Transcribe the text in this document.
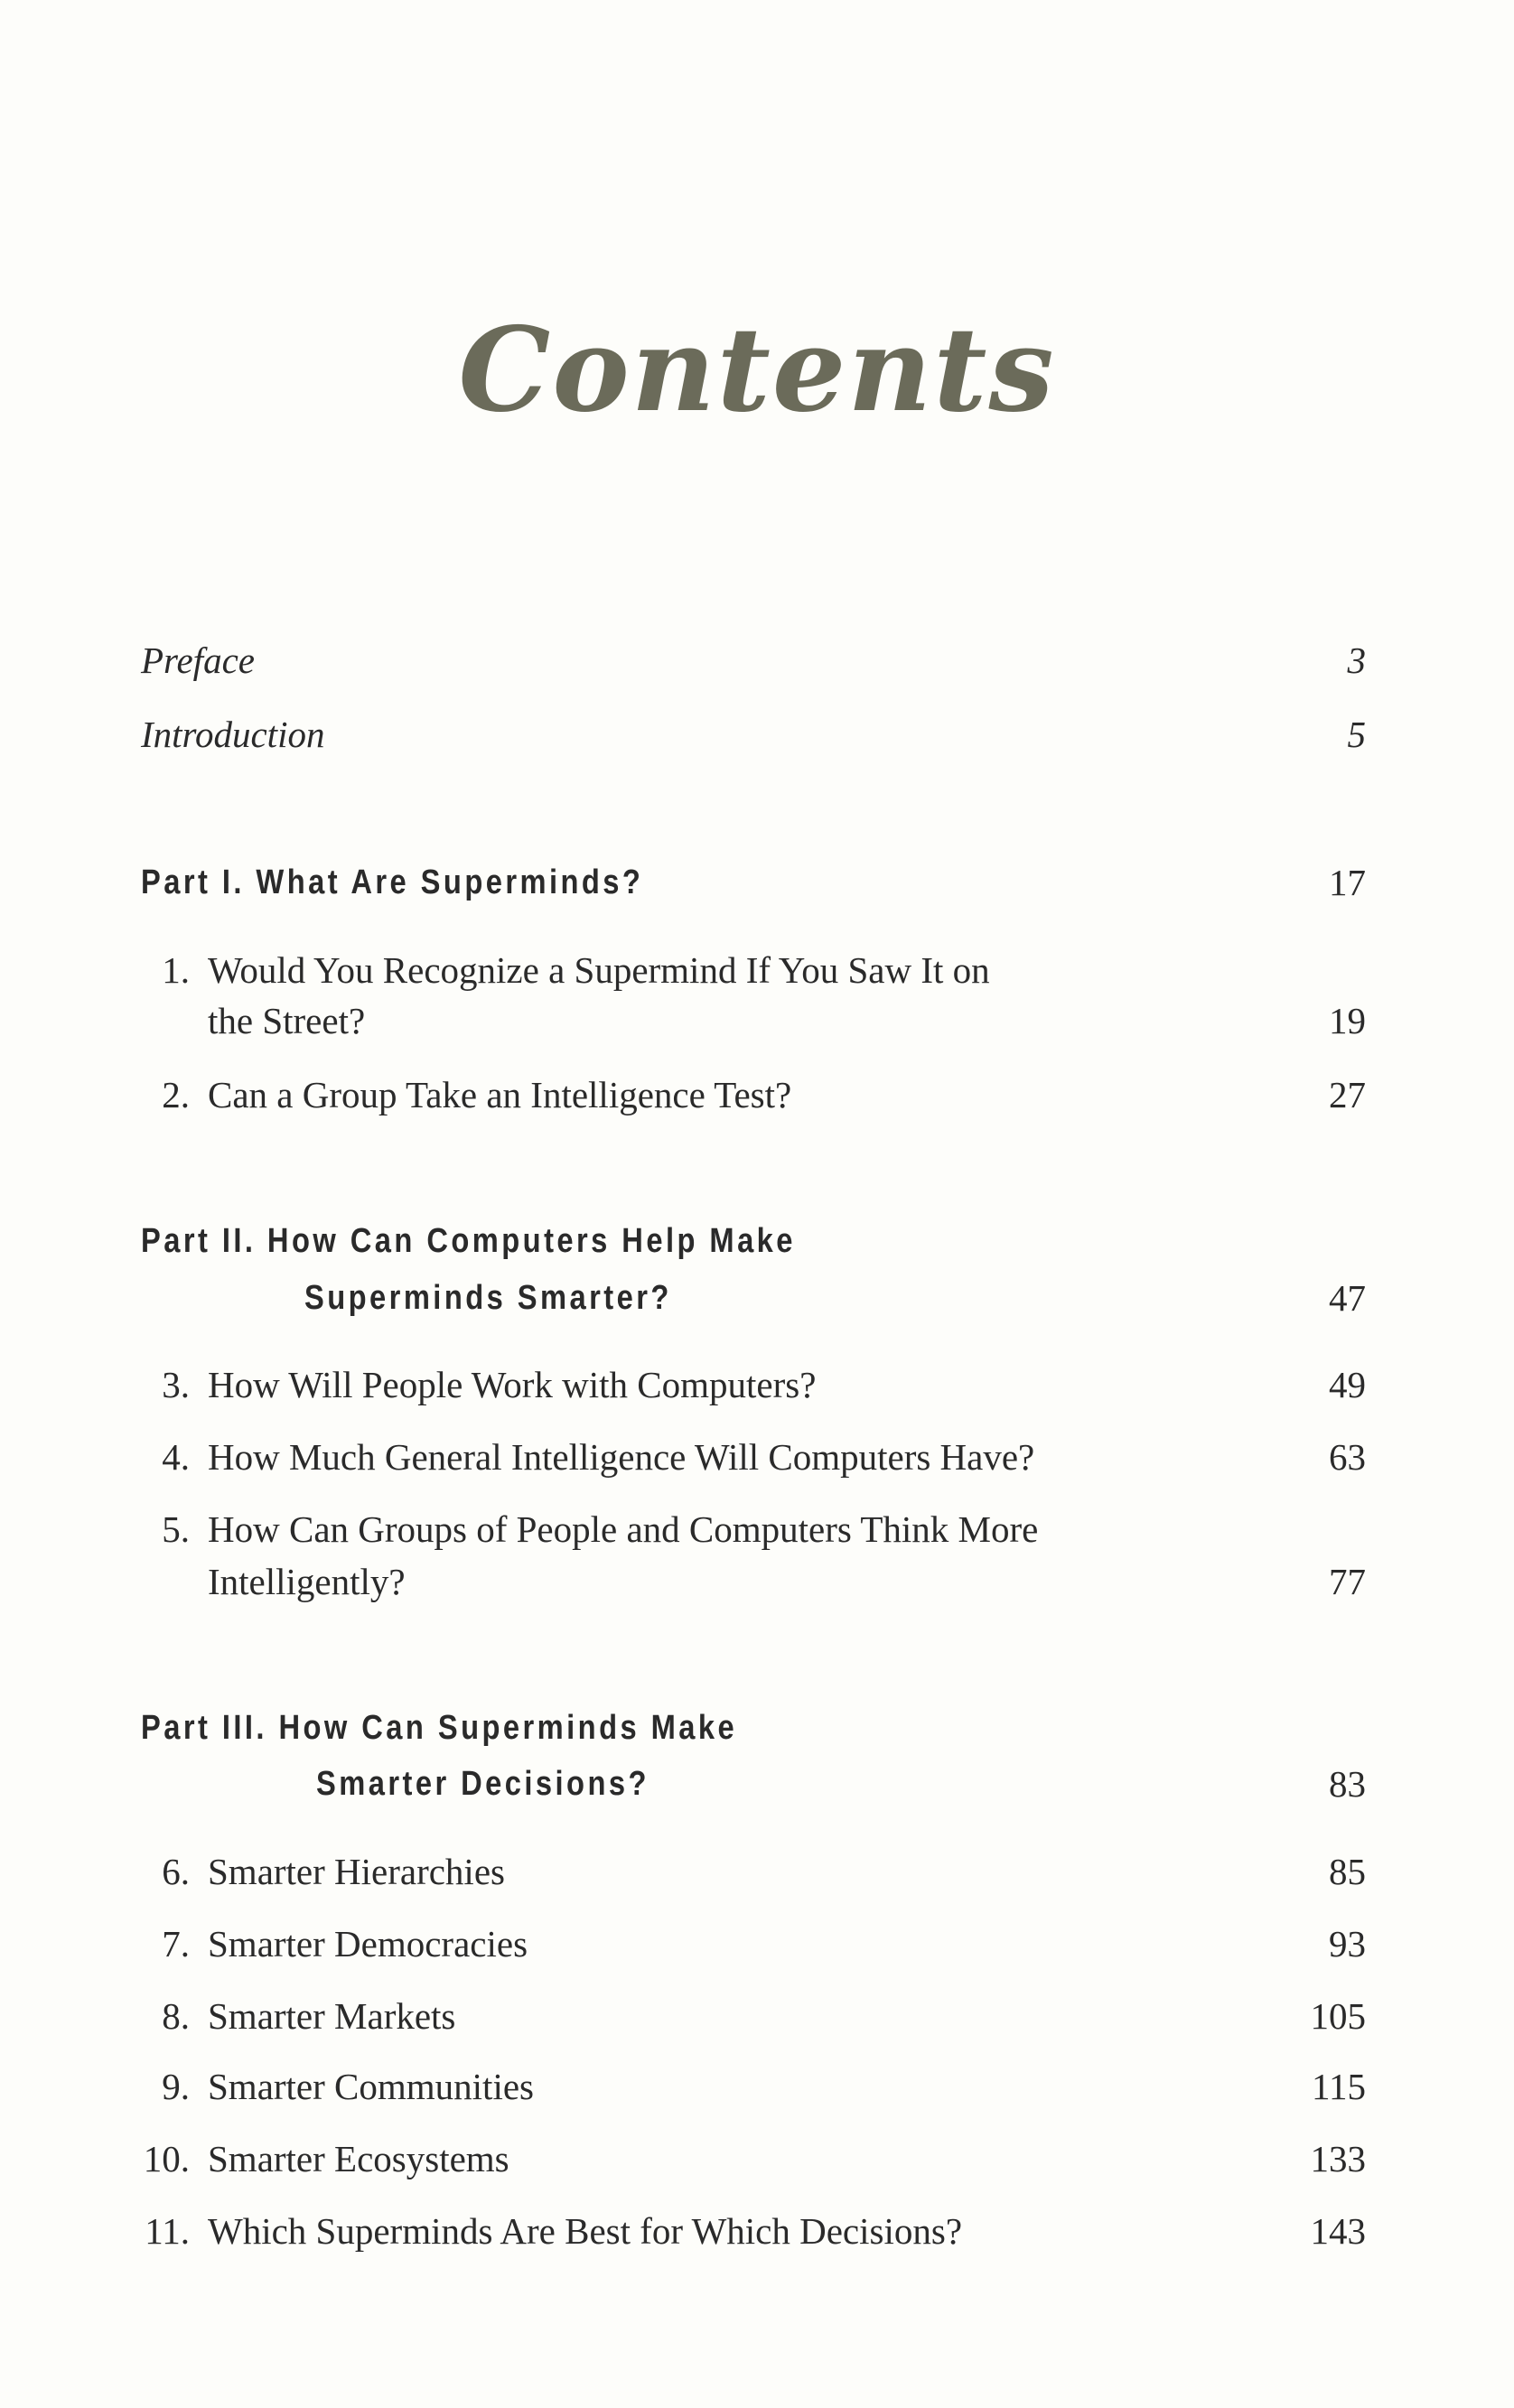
Contents
Preface	3
Introduction	5
Part I. What Are Superminds?	17
1. Would You Recognize a Supermind If You Saw It on
the Street?	19
2. Can a Group Take an Intelligence Test?	27
Part II. How Can Computers Help Make
Superminds Smarter?	47
3. How Will People Work with Computers?	49
4. How Much General Intelligence Will Computers Have?	63
5. How Can Groups of People and Computers Think More
Intelligently?	77
Part III. How Can Superminds Make
Smarter Decisions?	83
6. Smarter Hierarchies	85
7. Smarter Democracies	93
8. Smarter Markets	105
9. Smarter Communities	115
10. Smarter Ecosystems	133
11. Which Superminds Are Best for Which Decisions?	143
